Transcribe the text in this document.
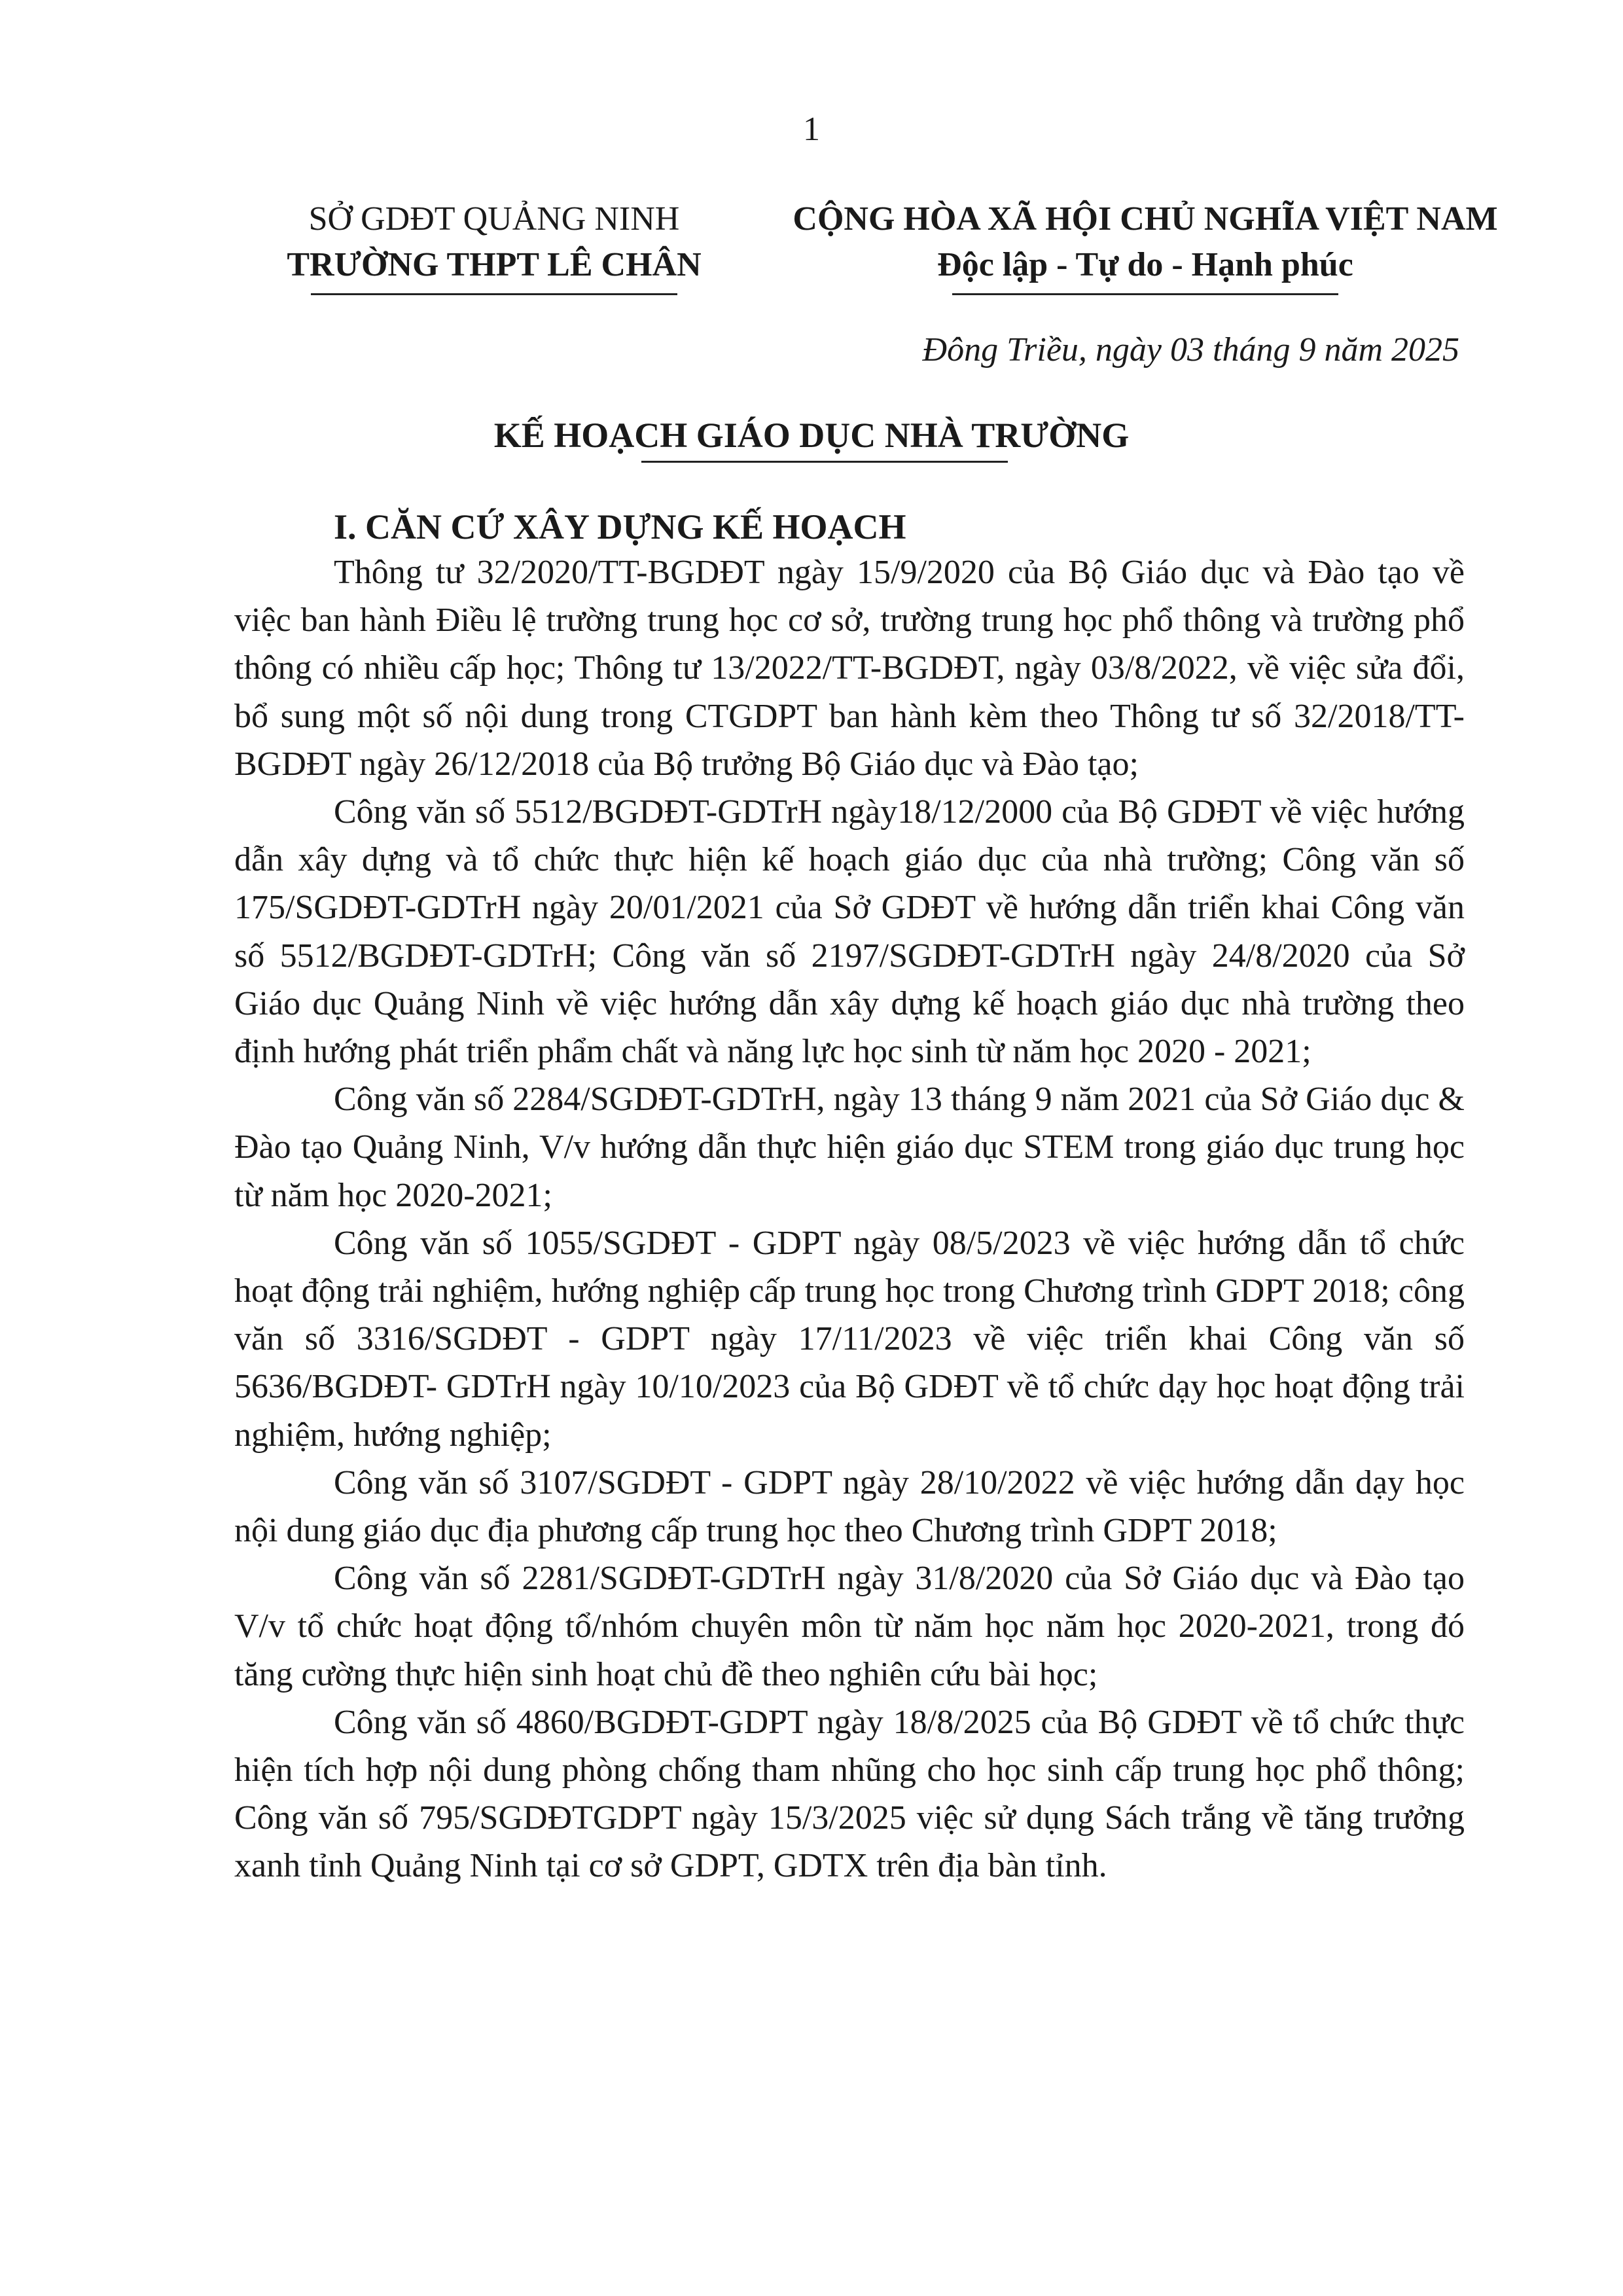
1
SỞ GDĐT QUẢNG NINH
TRƯỜNG THPT LÊ CHÂN
CỘNG HÒA XÃ HỘI CHỦ NGHĨA VIỆT NAM
Độc lập - Tự do - Hạnh phúc
Đông Triều, ngày 03 tháng 9 năm 2025
KẾ HOẠCH GIÁO DỤC NHÀ TRƯỜNG
I. CĂN CỨ XÂY DỰNG KẾ HOẠCH

Thông tư 32/2020/TT-BGDĐT ngày 15/9/2020 của Bộ Giáo dục và Đào tạo về việc ban hành Điều lệ trường trung học cơ sở, trường trung học phổ thông và trường phổ thông có nhiều cấp học; Thông tư 13/2022/TT-BGDĐT, ngày 03/8/2022, về việc sửa đổi, bổ sung một số nội dung trong CTGDPT ban hành kèm theo Thông tư số 32/2018/TT-BGDĐT ngày 26/12/2018 của Bộ trưởng Bộ Giáo dục và Đào tạo;

Công văn số 5512/BGDĐT-GDTrH ngày18/12/2000 của Bộ GDĐT về việc hướng dẫn xây dựng và tổ chức thực hiện kế hoạch giáo dục của nhà trường; Công văn số 175/SGDĐT-GDTrH ngày 20/01/2021 của Sở GDĐT về hướng dẫn triển khai Công văn số 5512/BGDĐT-GDTrH; Công văn số 2197/SGDĐT-GDTrH ngày 24/8/2020 của Sở Giáo dục Quảng Ninh về việc hướng dẫn xây dựng kế hoạch giáo dục nhà trường theo định hướng phát triển phẩm chất và năng lực học sinh từ năm học 2020 - 2021;

Công văn số 2284/SGDĐT-GDTrH, ngày 13 tháng 9 năm 2021 của Sở Giáo dục & Đào tạo Quảng Ninh, V/v hướng dẫn thực hiện giáo dục STEM trong giáo dục trung học từ năm học 2020-2021;

Công văn số 1055/SGDĐT - GDPT ngày 08/5/2023 về việc hướng dẫn tổ chức hoạt động trải nghiệm, hướng nghiệp cấp trung học trong Chương trình GDPT 2018; công văn số 3316/SGDĐT - GDPT ngày 17/11/2023 về việc triển khai Công văn số 5636/BGDĐT- GDTrH ngày 10/10/2023 của Bộ GDĐT về tổ chức dạy học hoạt động trải nghiệm, hướng nghiệp;

Công văn số 3107/SGDĐT - GDPT ngày 28/10/2022 về việc hướng dẫn dạy học nội dung giáo dục địa phương cấp trung học theo Chương trình GDPT 2018;

Công văn số 2281/SGDĐT-GDTrH ngày 31/8/2020 của Sở Giáo dục và Đào tạo V/v tổ chức hoạt động tổ/nhóm chuyên môn từ năm học năm học 2020-2021, trong đó tăng cường thực hiện sinh hoạt chủ đề theo nghiên cứu bài học;

Công văn số 4860/BGDĐT-GDPT ngày 18/8/2025 của Bộ GDĐT về tổ chức thực hiện tích hợp nội dung phòng chống tham nhũng cho học sinh cấp trung học phổ thông; Công văn số 795/SGDĐTGDPT ngày 15/3/2025 việc sử dụng Sách trắng về tăng trưởng xanh tỉnh Quảng Ninh tại cơ sở GDPT, GDTX trên địa bàn tỉnh.
